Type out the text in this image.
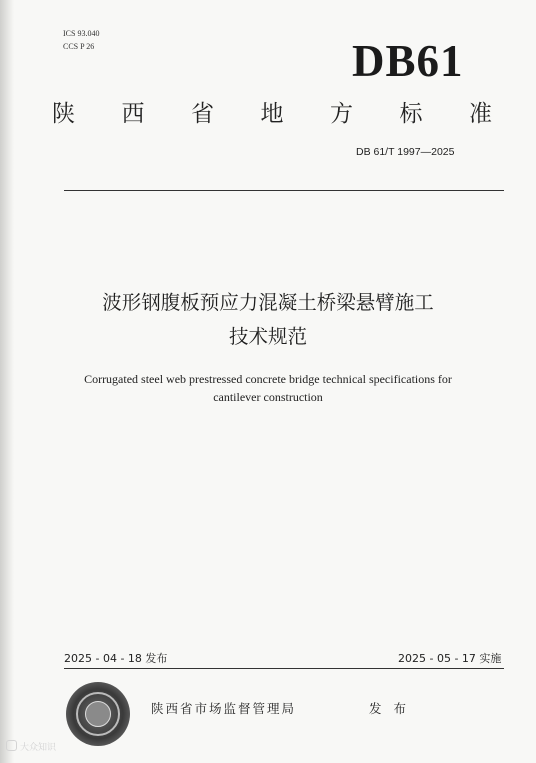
ICS 93.040
CCS P 26	DB61
陕 西 省 地 方 标 准
DB 61/T 1997—2025
波形钢腹板预应力混凝土桥梁悬臂施工
技术规范
Corrugated steel web prestressed concrete bridge technical specifications for
cantilever construction
2025 - 04 - 18 发布	2025 - 05 - 17 实施
陕西省市场监督管理局	发 布
大众知识
